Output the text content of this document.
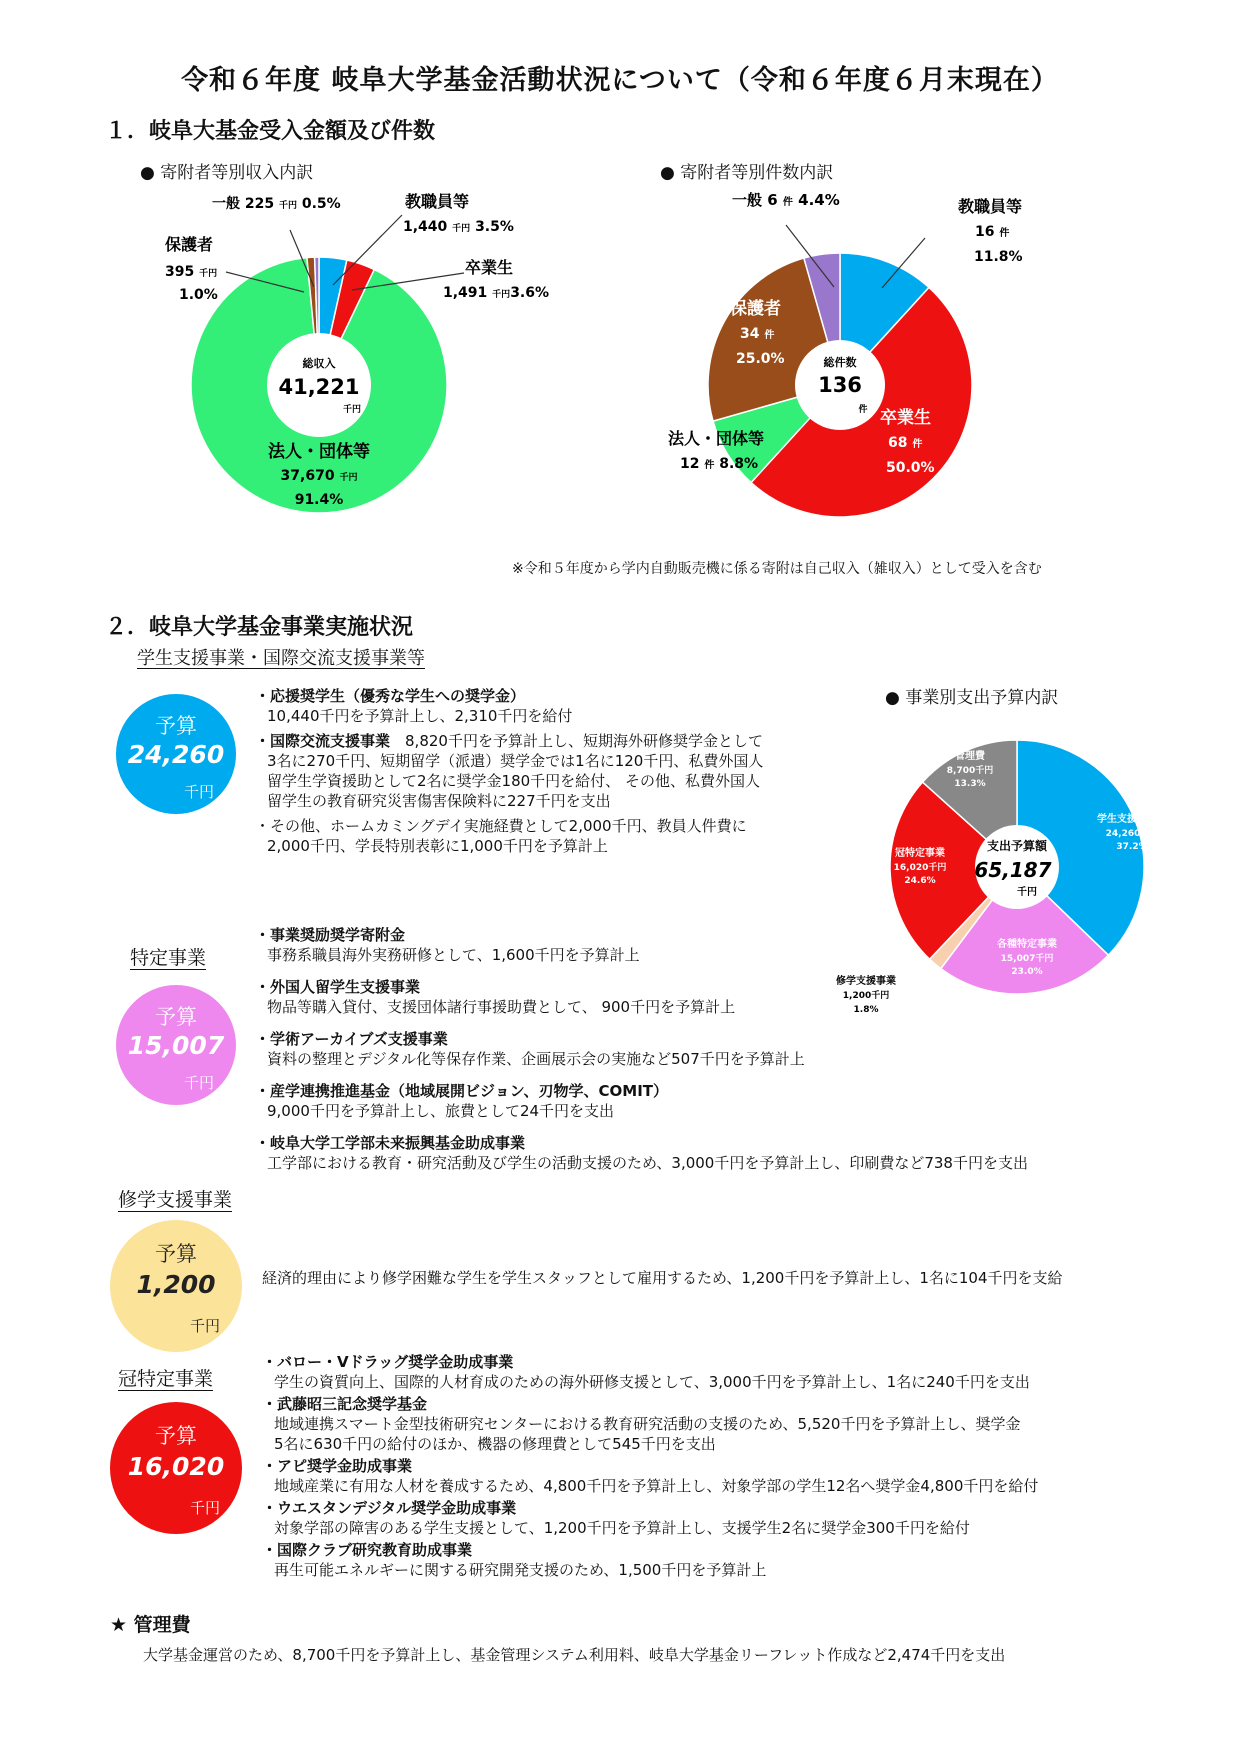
令和６年度 岐阜大学基金活動状況について（令和６年度６月末現在）
１．岐阜大基金受入金額及び件数
● 寄附者等別収入内訳	● 寄附者等別件数内訳
総収入
41,221
千円
一般 225 千円 0.5%	教職員等
1,440 千円 3.5%
卒業生
1,491 千円3.6%
保護者
395 千円
1.0%
法人・団体等
37,670 千円
91.4%
総件数
136
件
一般 6 件 4.4%	教職員等
16 件
11.8%
保護者
34 件
25.0%
卒業生
68 件
50.0%
法人・団体等
12 件 8.8%
※令和５年度から学内自動販売機に係る寄附は自己収入（雑収入）として受入を含む
２．岐阜大学基金事業実施状況
学生支援事業・国際交流支援事業等
予算
24,260
千円

・応援奨学生（優秀な学生への奨学金）
10,440千円を予算計上し、2,310千円を給付

・国際交流支援事業　8,820千円を予算計上し、短期海外研修奨学金として
3名に270千円、短期留学（派遣）奨学金では1名に120千円、私費外国人
留学生学資援助として2名に奨学金180千円を給付、 その他、私費外国人
留学生の教育研究災害傷害保険料に227千円を支出

・その他、ホームカミングデイ実施経費として2,000千円、教員人件費に
2,000千円、学長特別表彰に1,000千円を予算計上

● 事業別支出予算内訳
支出予算額
65,187
千円
管理費
8,700千円
13.3%
学生支援事業等
24,260千円
37.2%
冠特定事業
16,020千円
24.6%
各種特定事業
15,007千円
23.0%
修学支援事業
1,200千円
1.8%
特定事業
予算
15,007
千円

・事業奨励奨学寄附金
事務系職員海外実務研修として、1,600千円を予算計上

・外国人留学生支援事業
物品等購入貸付、支援団体諸行事援助費として、 900千円を予算計上

・学術アーカイブズ支援事業
資料の整理とデジタル化等保存作業、企画展示会の実施など507千円を予算計上

・産学連携推進基金（地域展開ビジョン、刃物学、COMIT）
9,000千円を予算計上し、旅費として24千円を支出

・岐阜大学工学部未来振興基金助成事業
工学部における教育・研究活動及び学生の活動支援のため、3,000千円を予算計上し、印刷費など738千円を支出

修学支援事業
予算
1,200
千円
経済的理由により修学困難な学生を学生スタッフとして雇用するため、1,200千円を予算計上し、1名に104千円を支給
冠特定事業
予算
16,020
千円

・バロー・Vドラッグ奨学金助成事業
学生の資質向上、国際的人材育成のための海外研修支援として、3,000千円を予算計上し、1名に240千円を支出

・武藤昭三記念奨学基金
地域連携スマート金型技術研究センターにおける教育研究活動の支援のため、5,520千円を予算計上し、奨学金
5名に630千円の給付のほか、機器の修理費として545千円を支出

・アピ奨学金助成事業
地域産業に有用な人材を養成するため、4,800千円を予算計上し、対象学部の学生12名へ奨学金4,800千円を給付

・ウエスタンデジタル奨学金助成事業
対象学部の障害のある学生支援として、1,200千円を予算計上し、支援学生2名に奨学金300千円を給付

・国際クラブ研究教育助成事業
再生可能エネルギーに関する研究開発支援のため、1,500千円を予算計上

★ 管理費
大学基金運営のため、8,700千円を予算計上し、基金管理システム利用料、岐阜大学基金リーフレット作成など2,474千円を支出
